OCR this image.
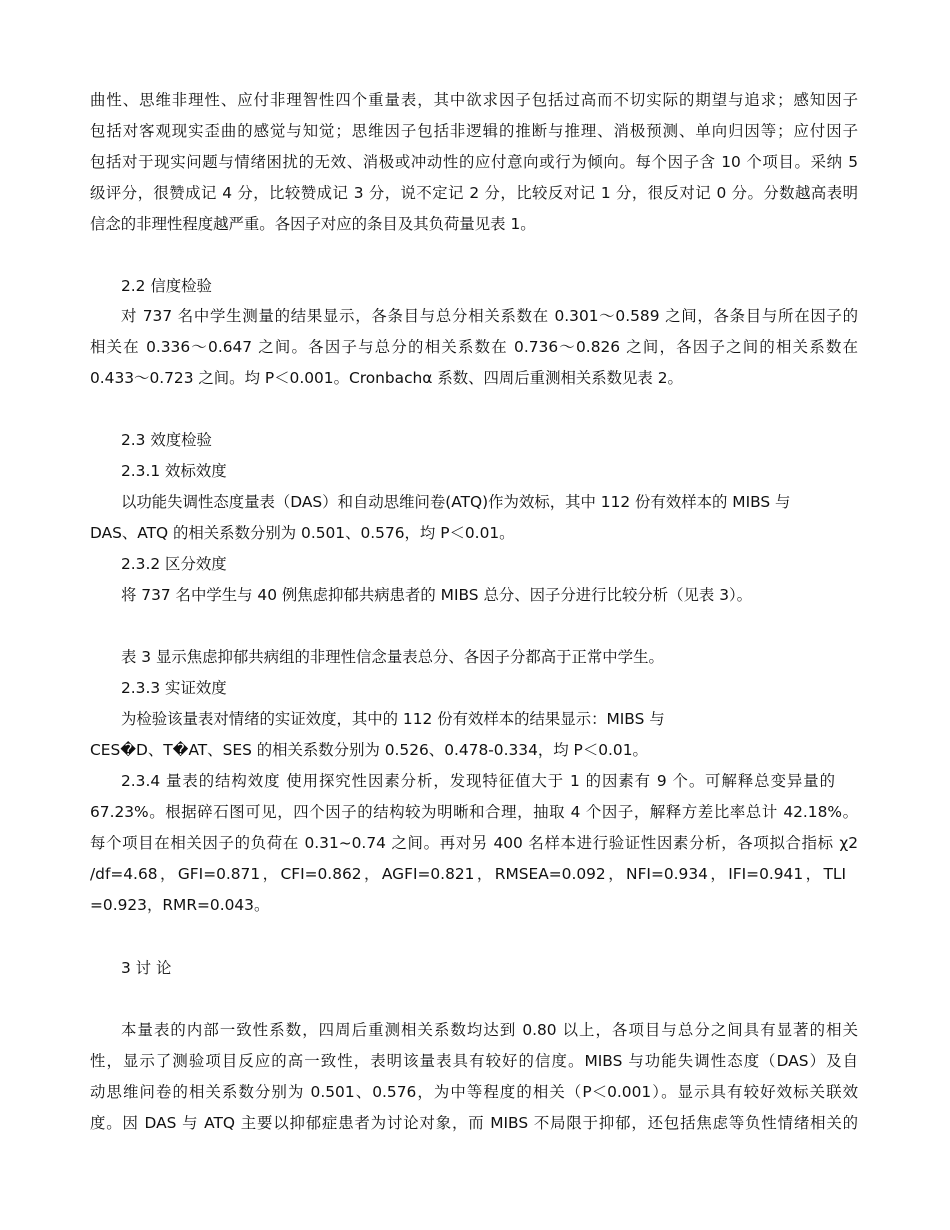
曲性、思维非理性、应付非理智性四个重量表，其中欲求因子包括过高而不切实际的期望与追求；感知因子
包括对客观现实歪曲的感觉与知觉；思维因子包括非逻辑的推断与推理、消极预测、单向归因等；应付因子
包括对于现实问题与情绪困扰的无效、消极或冲动性的应付意向或行为倾向。每个因子含 10 个项目。采纳 5
级评分，很赞成记 4 分，比较赞成记 3 分，说不定记 2 分，比较反对记 1 分，很反对记 0 分。分数越高表明
信念的非理性程度越严重。各因子对应的条目及其负荷量见表 1。
2.2 信度检验
对 737 名中学生测量的结果显示，各条目与总分相关系数在 0.301～0.589 之间，各条目与所在因子的
相关在 0.336～0.647 之间。各因子与总分的相关系数在 0.736～0.826 之间，各因子之间的相关系数在
0.433～0.723 之间。均 P＜0.001。Cronbachα 系数、四周后重测相关系数见表 2。
2.3 效度检验
2.3.1 效标效度
以功能失调性态度量表（DAS）和自动思维问卷(ATQ)作为效标，其中 112 份有效样本的 MIBS 与
DAS、ATQ 的相关系数分别为 0.501、0.576，均 P＜0.01。
2.3.2 区分效度
将 737 名中学生与 40 例焦虑抑郁共病患者的 MIBS 总分、因子分进行比较分析（见表 3）。
表 3 显示焦虑抑郁共病组的非理性信念量表总分、各因子分都高于正常中学生。
2.3.3 实证效度
为检验该量表对情绪的实证效度，其中的 112 份有效样本的结果显示：MIBS 与
CES�D、T�AT、SES 的相关系数分别为 0.526、0.478-0.334，均 P＜0.01。
2.3.4 量表的结构效度 使用探究性因素分析，发现特征值大于 1 的因素有 9 个。可解释总变异量的
67.23%。根据碎石图可见，四个因子的结构较为明晰和合理，抽取 4 个因子，解释方差比率总计 42.18%。
每个项目在相关因子的负荷在 0.31~0.74 之间。再对另 400 名样本进行验证性因素分析，各项拟合指标 χ2
/df=4.68，GFI=0.871，CFI=0.862，AGFI=0.821，RMSEA=0.092，NFI=0.934，IFI=0.941，TLI
=0.923，RMR=0.043。
3 讨 论
本量表的内部一致性系数，四周后重测相关系数均达到 0.80 以上，各项目与总分之间具有显著的相关
性，显示了测验项目反应的高一致性，表明该量表具有较好的信度。MIBS 与功能失调性态度（DAS）及自
动思维问卷的相关系数分别为 0.501、0.576，为中等程度的相关（P＜0.001）。显示具有较好效标关联效
度。因 DAS 与 ATQ 主要以抑郁症患者为讨论对象，而 MIBS 不局限于抑郁，还包括焦虑等负性情绪相关的
